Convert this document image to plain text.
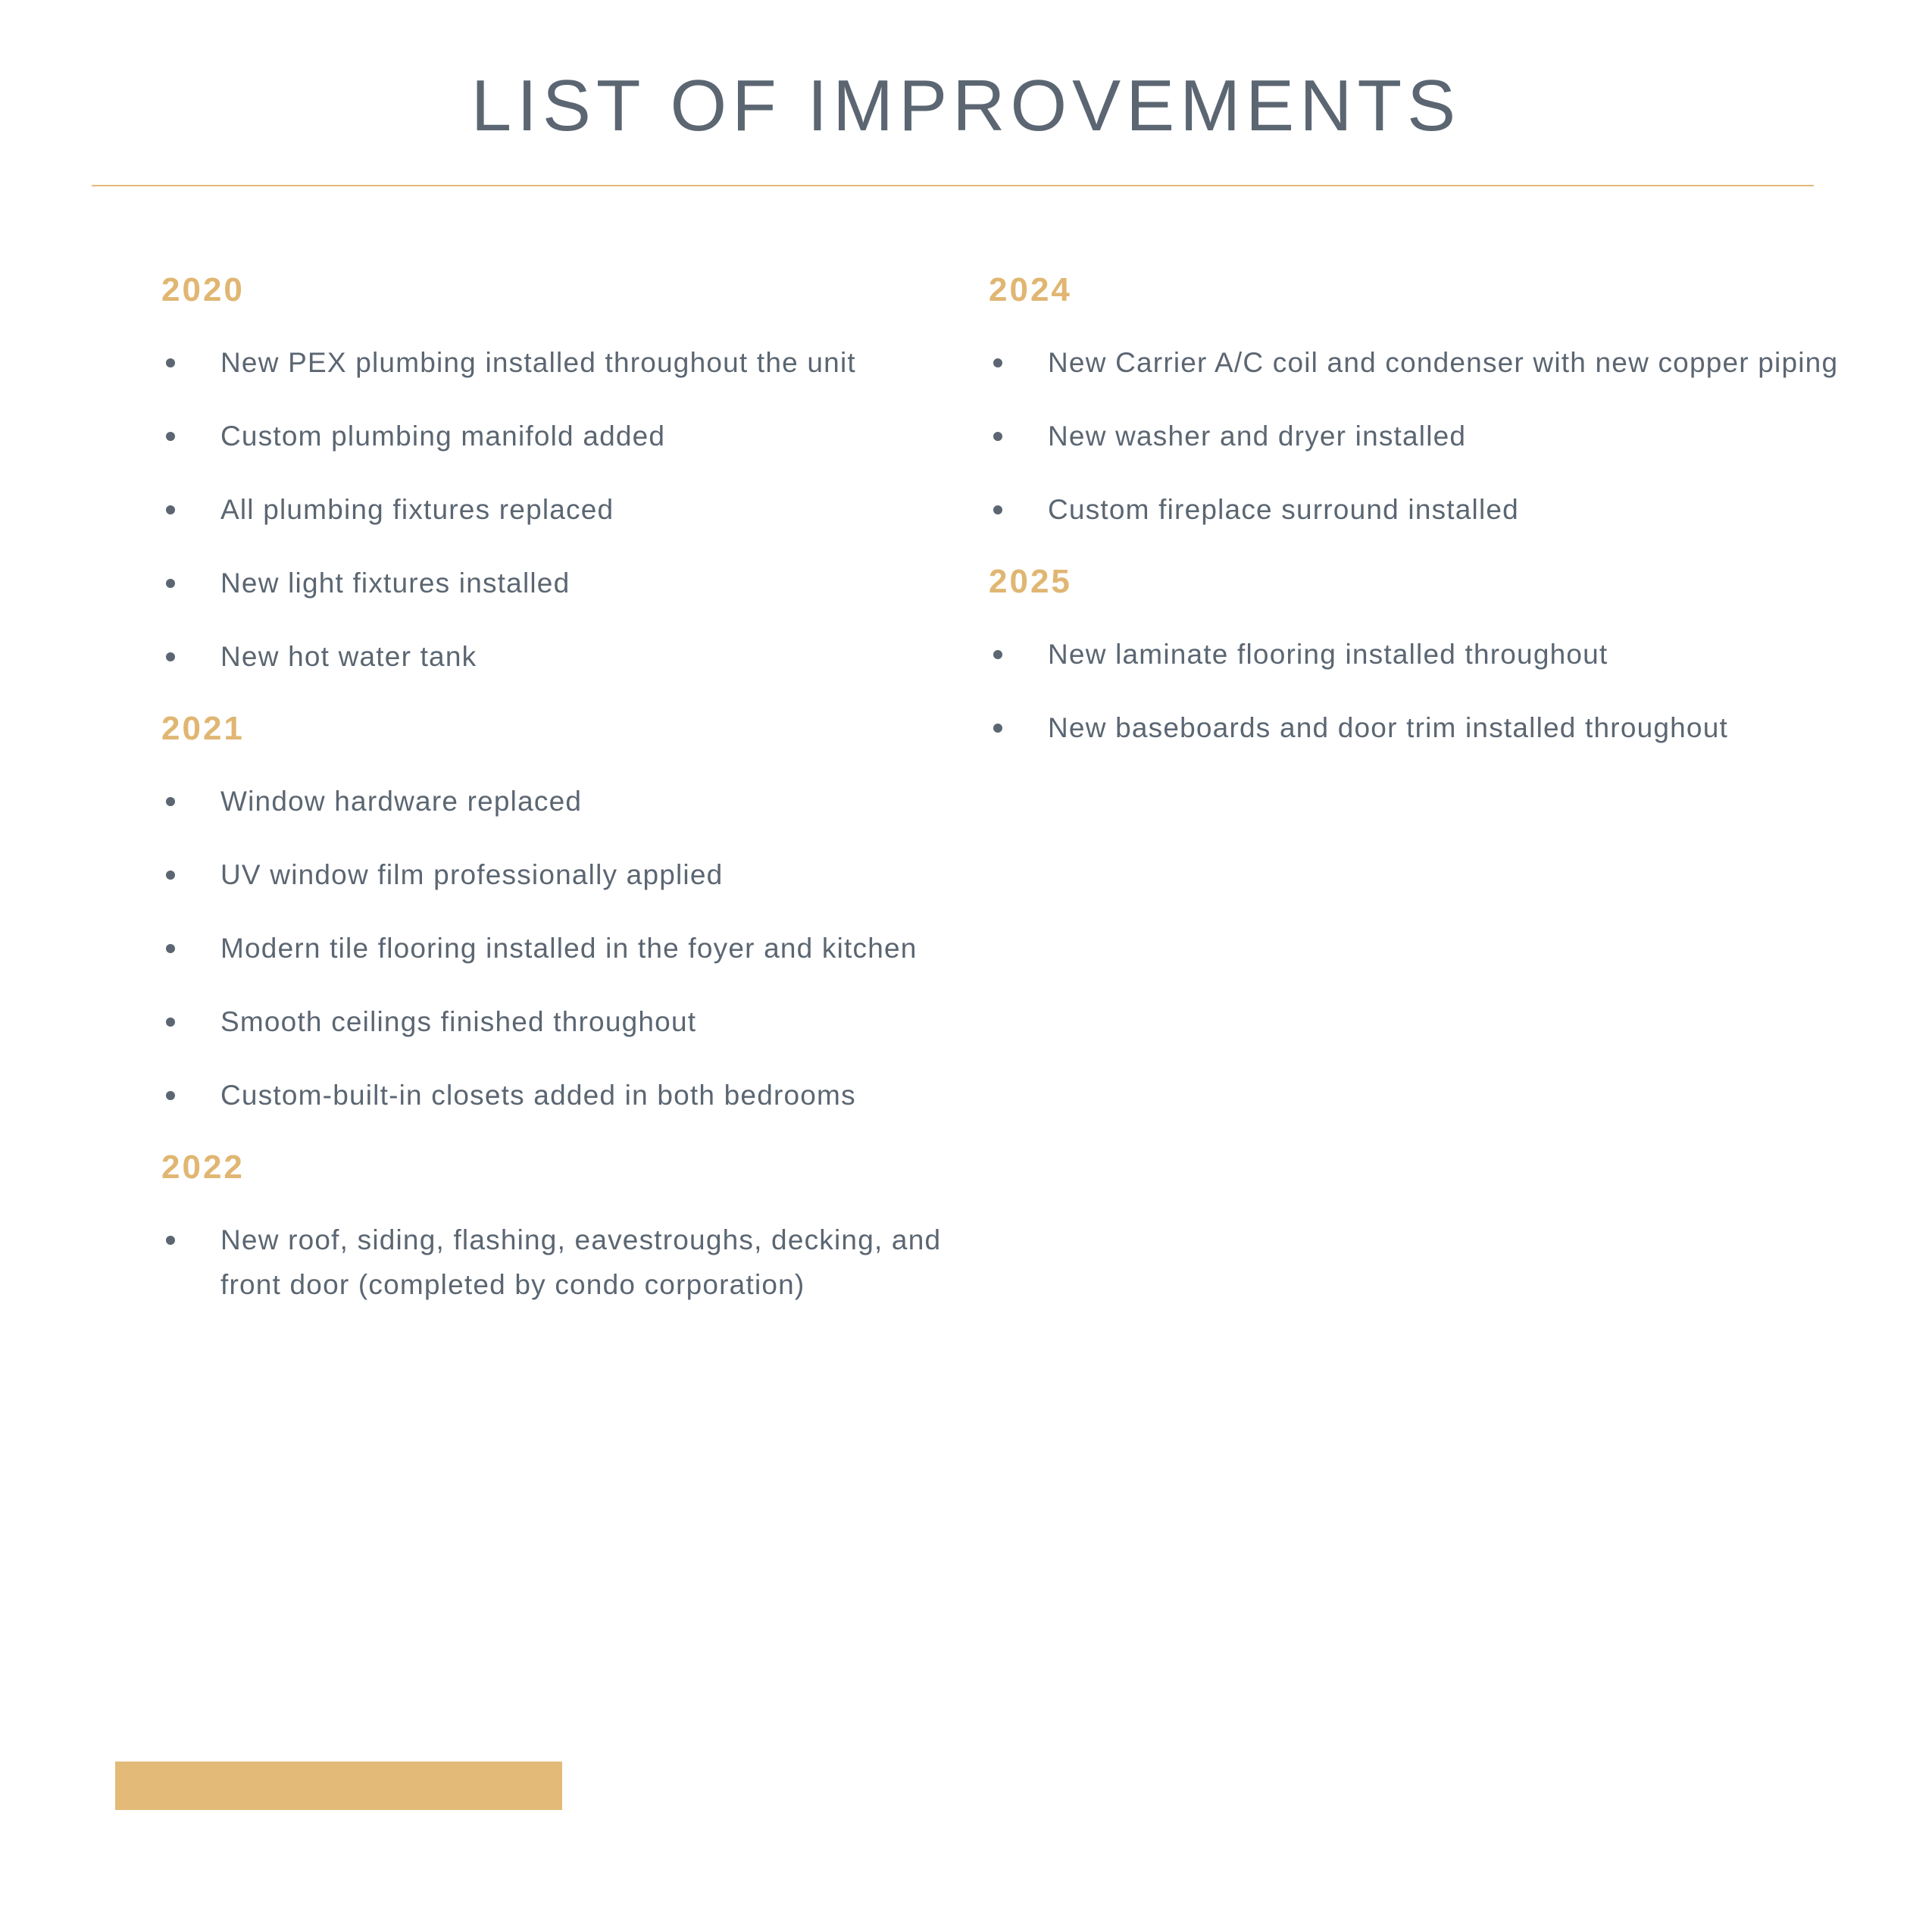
LIST OF IMPROVEMENTS
2020
New PEX plumbing installed throughout the unit
Custom plumbing manifold added
All plumbing fixtures replaced
New light fixtures installed
New hot water tank
2021
Window hardware replaced
UV window film professionally applied
Modern tile flooring installed in the foyer and kitchen
Smooth ceilings finished throughout
Custom-built-in closets added in both bedrooms
2022
New roof, siding, flashing, eavestroughs, decking, and front door (completed by condo corporation)
2024
New Carrier A/C coil and condenser with new copper piping
New washer and dryer installed
Custom fireplace surround installed
2025
New laminate flooring installed throughout
New baseboards and door trim installed throughout
